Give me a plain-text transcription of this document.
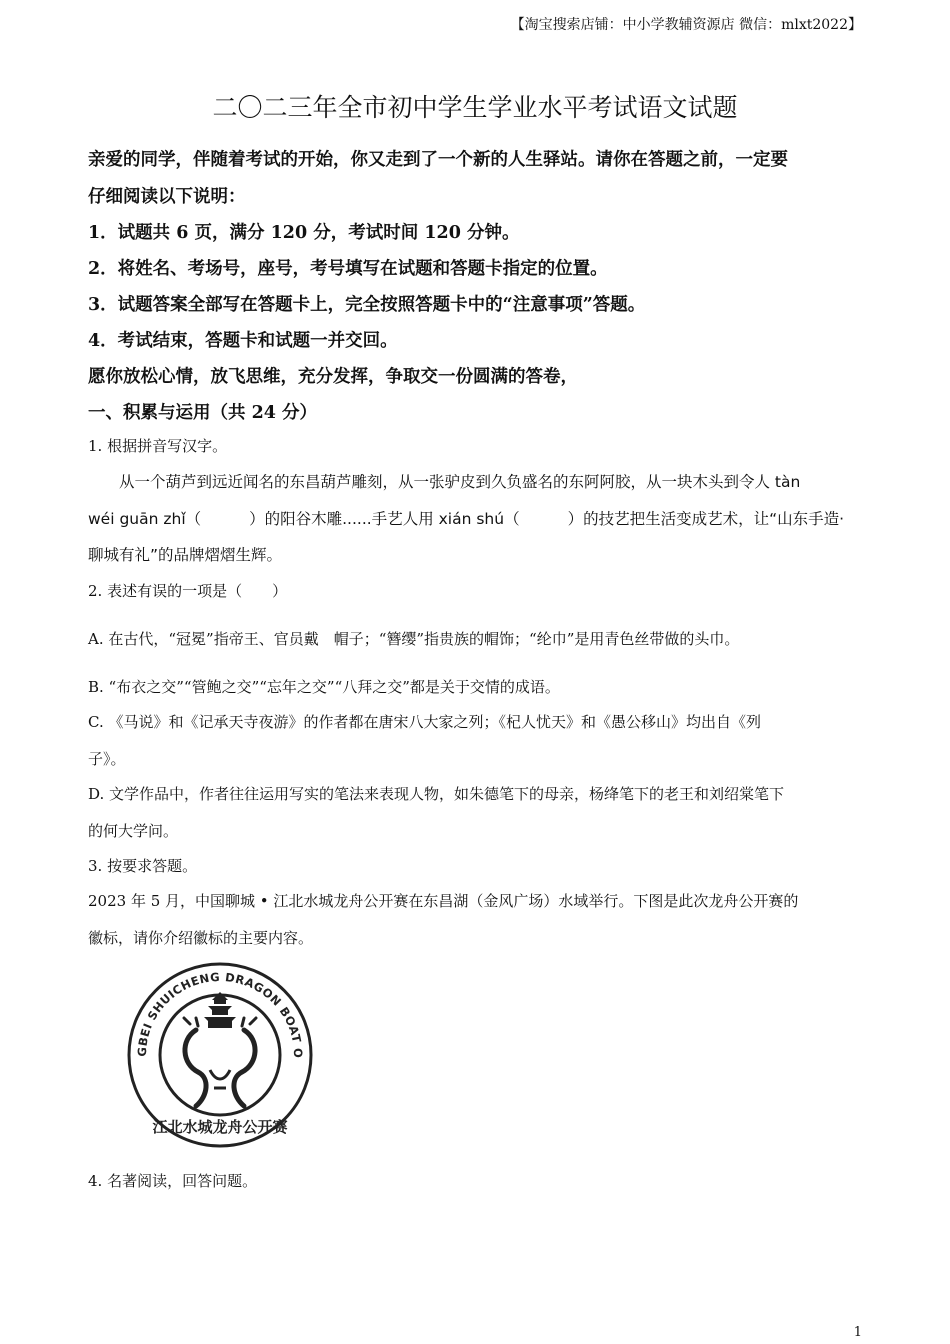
【淘宝搜索店铺：中小学教辅资源店 微信：mlxt2022】
二〇二三年全市初中学生学业水平考试语文试题
亲爱的同学，伴随着考试的开始，你又走到了一个新的人生驿站。请你在答题之前，一定要
仔细阅读以下说明：
1．试题共 6 页，满分 120 分，考试时间 120 分钟。
2．将姓名、考场号，座号，考号填写在试题和答题卡指定的位置。
3．试题答案全部写在答题卡上，完全按照答题卡中的“注意事项”答题。
4．考试结束，答题卡和试题一并交回。
愿你放松心情，放飞思维，充分发挥，争取交一份圆满的答卷，
一、积累与运用（共 24 分）
1. 根据拼音写汉字。
从一个葫芦到远近闻名的东昌葫芦雕刻，从一张驴皮到久负盛名的东阿阿胶，从一块木头到令人 tàn
wéi guān zhǐ（	）的阳谷木雕......手艺人用 xián shú（	）的技艺把生活变成艺术，让“山东手造·
聊城有礼”的品牌熠熠生辉。
2. 表述有误的一项是（　　）
A. 在古代，“冠冕”指帝王、官员戴　帽子；“簪缨”指贵族的帽饰；“纶巾”是用青色丝带做的头巾。
B. “布衣之交”“管鲍之交”“忘年之交”“八拜之交”都是关于交情的成语。
C. 《马说》和《记承天寺夜游》的作者都在唐宋八大家之列；《杞人忧天》和《愚公移山》均出自《列
子》。
D. 文学作品中，作者往往运用写实的笔法来表现人物，如朱德笔下的母亲，杨绛笔下的老王和刘绍棠笔下
的何大学问。
3. 按要求答题。
2023 年 5 月，中国聊城 • 江北水城龙舟公开赛在东昌湖（金风广场）水域举行。下图是此次龙舟公开赛的
徽标，请你介绍徽标的主要内容。
GBEI SHUICHENG DRAGON BOAT O
江北水城龙舟公开赛
4. 名著阅读，回答问题。
1
